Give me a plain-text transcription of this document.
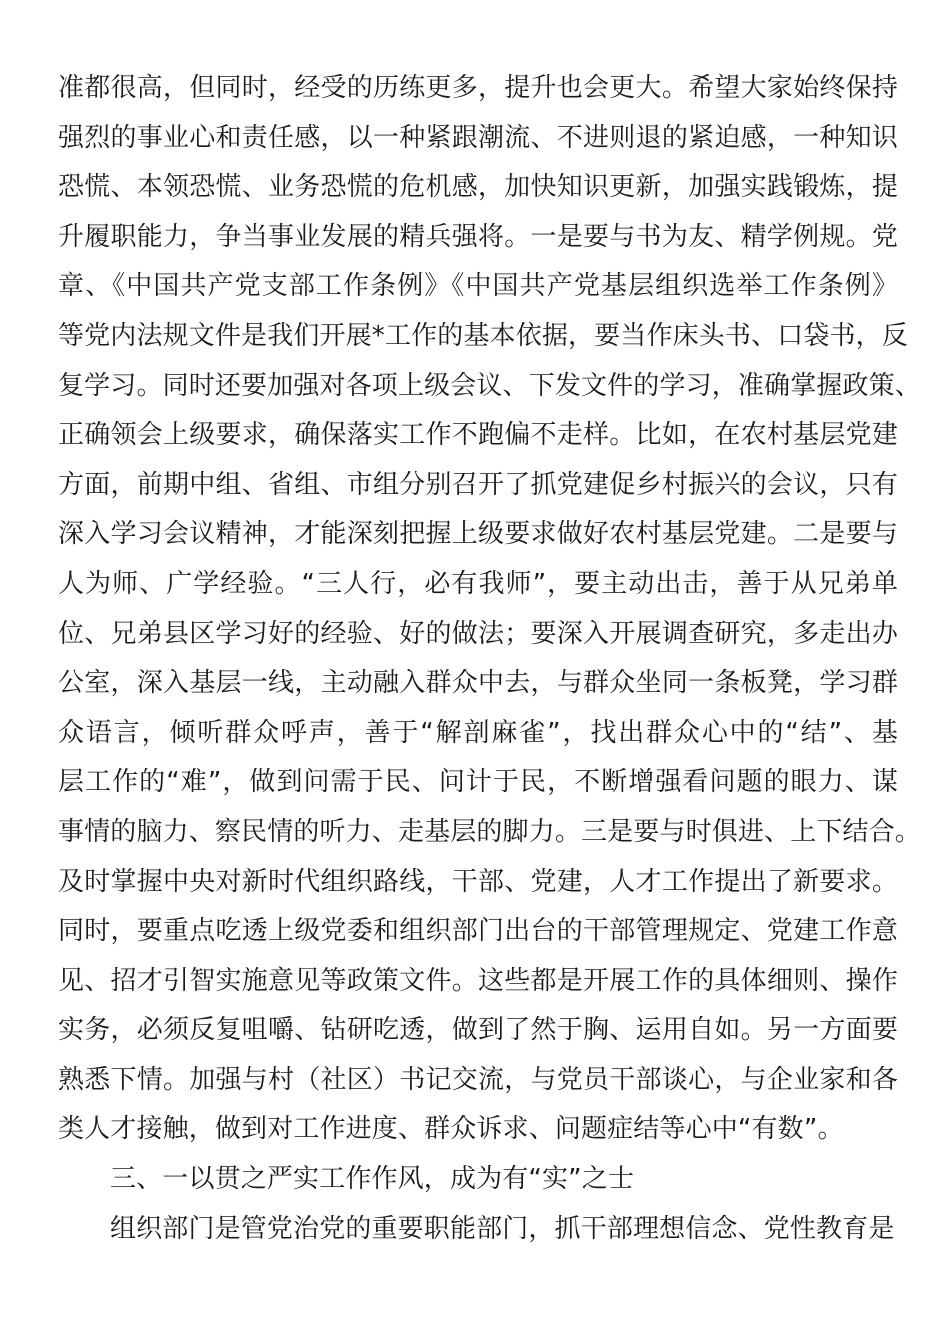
准都很高，但同时，经受的历练更多，提升也会更大。希望大家始终保持
强烈的事业心和责任感，以一种紧跟潮流、不进则退的紧迫感，一种知识
恐慌、本领恐慌、业务恐慌的危机感，加快知识更新，加强实践锻炼，提
升履职能力，争当事业发展的精兵强将。一是要与书为友、精学例规。党
章、《中国共产党支部工作条例》《中国共产党基层组织选举工作条例》
等党内法规文件是我们开展*工作的基本依据，要当作床头书、口袋书，反
复学习。同时还要加强对各项上级会议、下发文件的学习，准确掌握政策、
正确领会上级要求，确保落实工作不跑偏不走样。比如，在农村基层党建
方面，前期中组、省组、市组分别召开了抓党建促乡村振兴的会议，只有
深入学习会议精神，才能深刻把握上级要求做好农村基层党建。二是要与
人为师、广学经验。“三人行，必有我师”，要主动出击，善于从兄弟单
位、兄弟县区学习好的经验、好的做法；要深入开展调查研究，多走出办
公室，深入基层一线，主动融入群众中去，与群众坐同一条板凳，学习群
众语言，倾听群众呼声，善于“解剖麻雀”，找出群众心中的“结”、基
层工作的“难”，做到问需于民、问计于民，不断增强看问题的眼力、谋
事情的脑力、察民情的听力、走基层的脚力。三是要与时俱进、上下结合。
及时掌握中央对新时代组织路线，干部、党建，人才工作提出了新要求。
同时，要重点吃透上级党委和组织部门出台的干部管理规定、党建工作意
见、招才引智实施意见等政策文件。这些都是开展工作的具体细则、操作
实务，必须反复咀嚼、钻研吃透，做到了然于胸、运用自如。另一方面要
熟悉下情。加强与村（社区）书记交流，与党员干部谈心，与企业家和各
类人才接触，做到对工作进度、群众诉求、问题症结等心中“有数”。
三、一以贯之严实工作作风，成为有“实”之士
组织部门是管党治党的重要职能部门，抓干部理想信念、党性教育是
